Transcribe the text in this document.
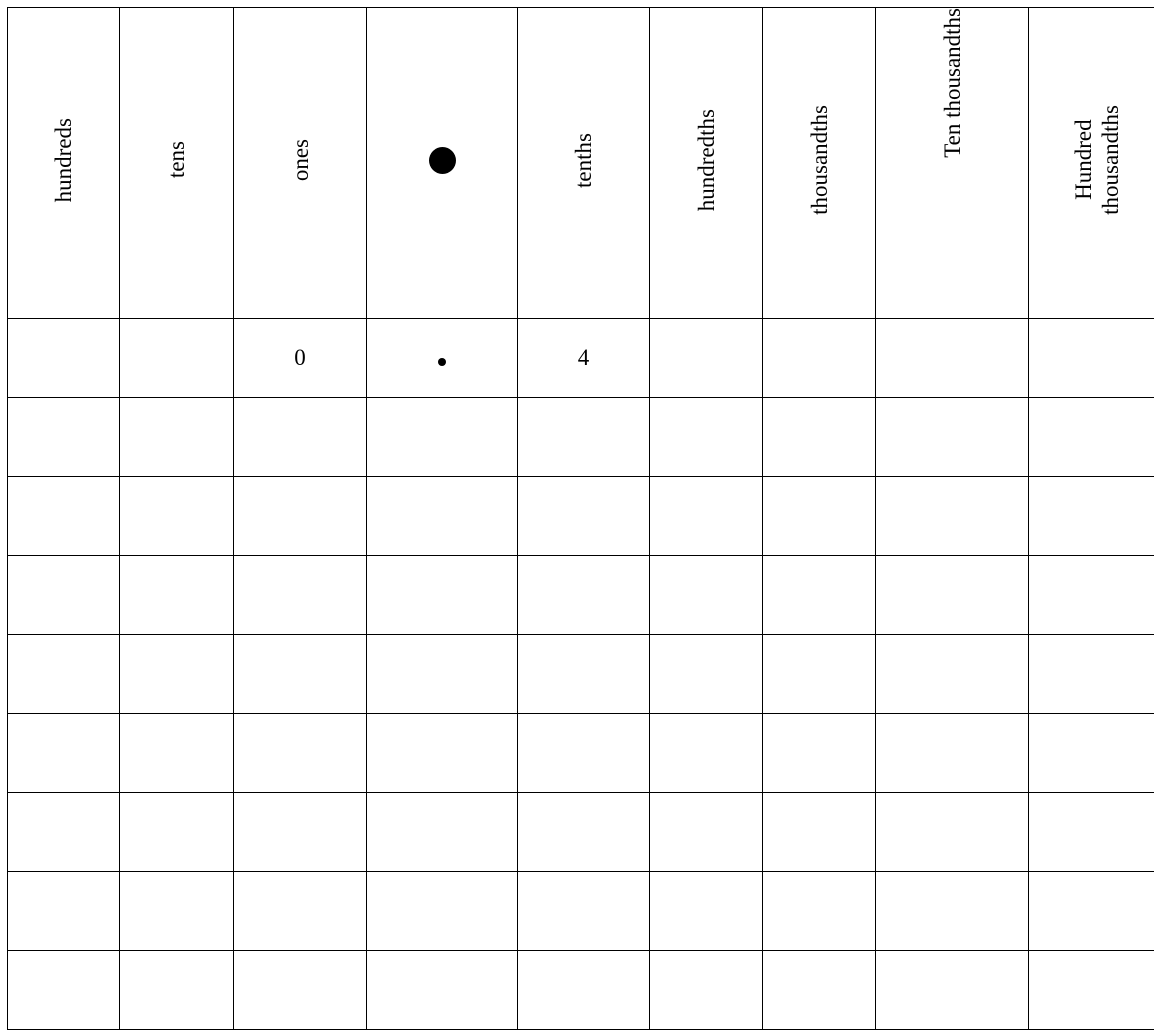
hundreds	tens	ones		tenths	hundredths	thousandths	Ten thousandths	Hundred
thousandths
		0		4				
